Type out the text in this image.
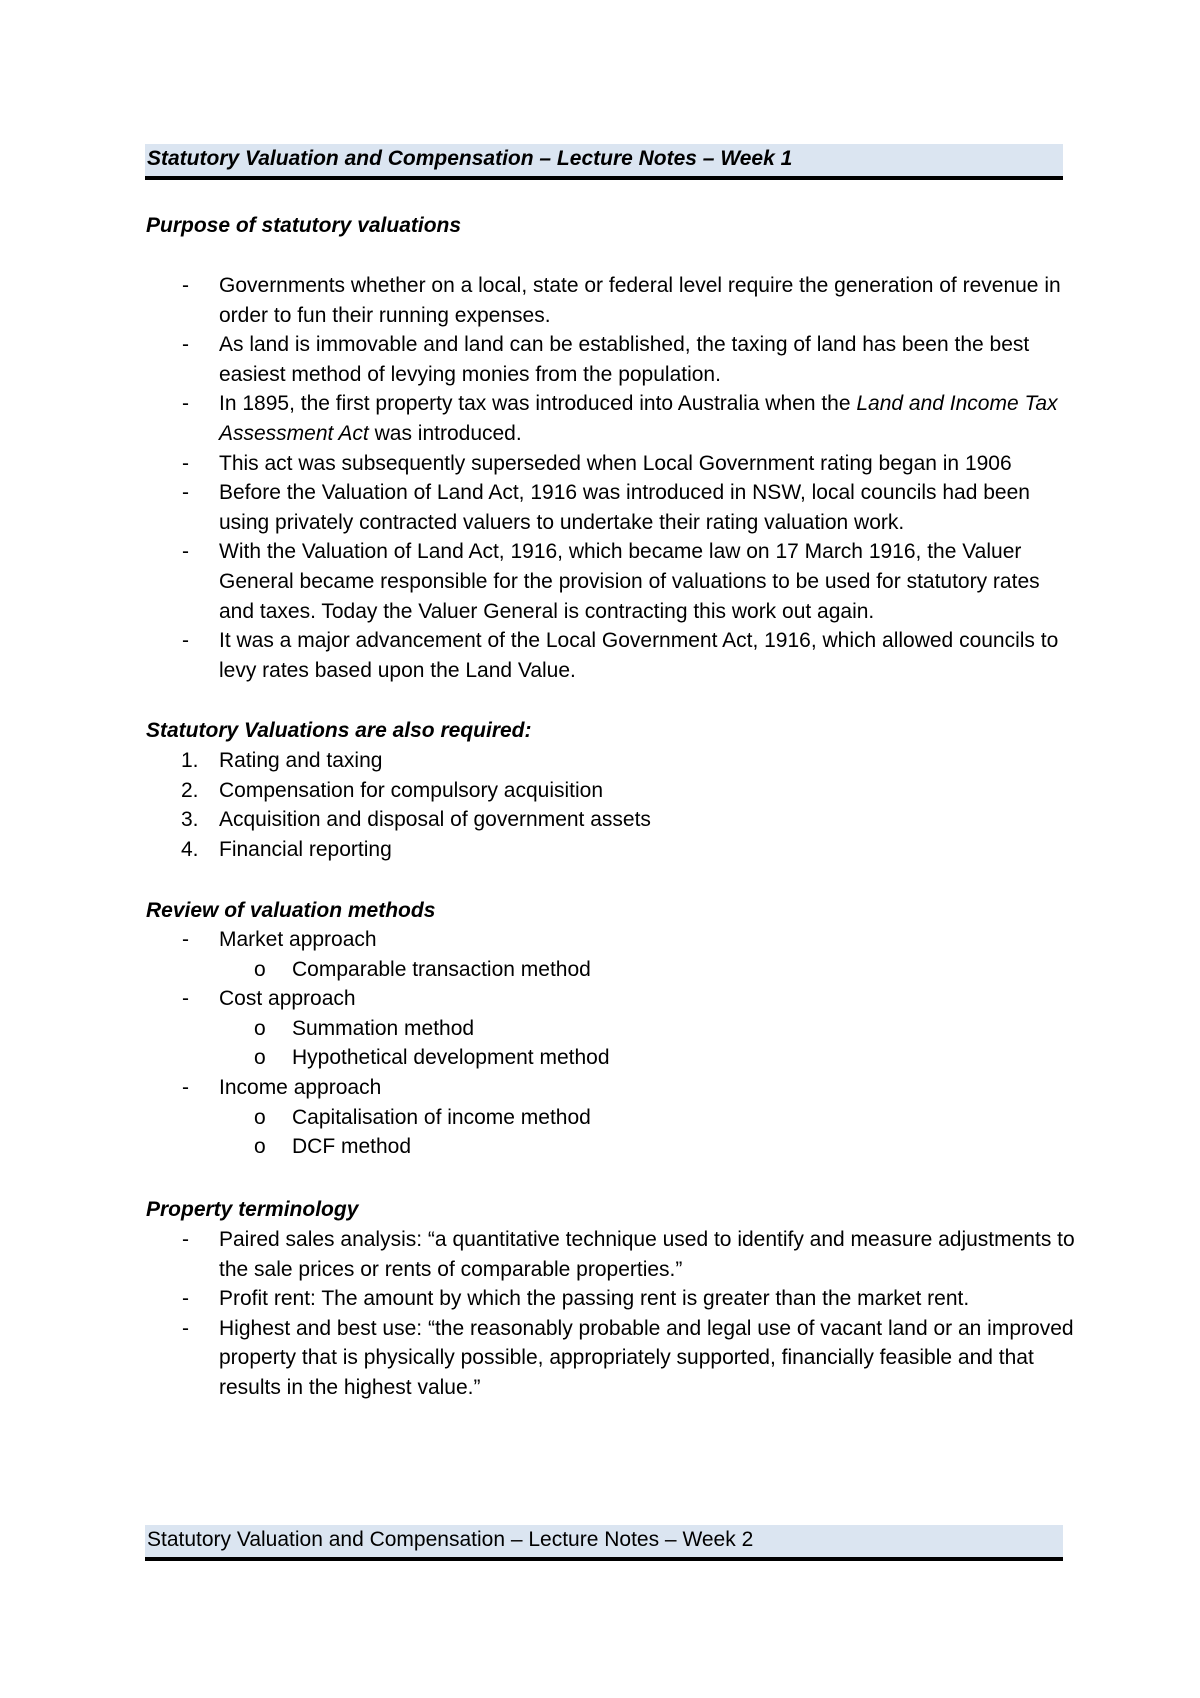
Statutory Valuation and Compensation – Lecture Notes – Week 1
Purpose of statutory valuations
- Governments whether on a local, state or federal level require the generation of revenue in order to fun their running expenses.
- As land is immovable and land can be established, the taxing of land has been the best easiest method of levying monies from the population.
- In 1895, the first property tax was introduced into Australia when the Land and Income Tax Assessment Act was introduced.
- This act was subsequently superseded when Local Government rating began in 1906
- Before the Valuation of Land Act, 1916 was introduced in NSW, local councils had been using privately contracted valuers to undertake their rating valuation work.
- With the Valuation of Land Act, 1916, which became law on 17 March 1916, the Valuer General became responsible for the provision of valuations to be used for statutory rates and taxes. Today the Valuer General is contracting this work out again.
- It was a major advancement of the Local Government Act, 1916, which allowed councils to levy rates based upon the Land Value.
Statutory Valuations are also required:
1. Rating and taxing
2. Compensation for compulsory acquisition
3. Acquisition and disposal of government assets
4. Financial reporting
Review of valuation methods
- Market approach
o Comparable transaction method
- Cost approach
o Summation method
o Hypothetical development method
- Income approach
o Capitalisation of income method
o DCF method
Property terminology
- Paired sales analysis: “a quantitative technique used to identify and measure adjustments to the sale prices or rents of comparable properties.”
- Profit rent: The amount by which the passing rent is greater than the market rent.
- Highest and best use: “the reasonably probable and legal use of vacant land or an improved property that is physically possible, appropriately supported, financially feasible and that results in the highest value.”
Statutory Valuation and Compensation – Lecture Notes – Week 2
